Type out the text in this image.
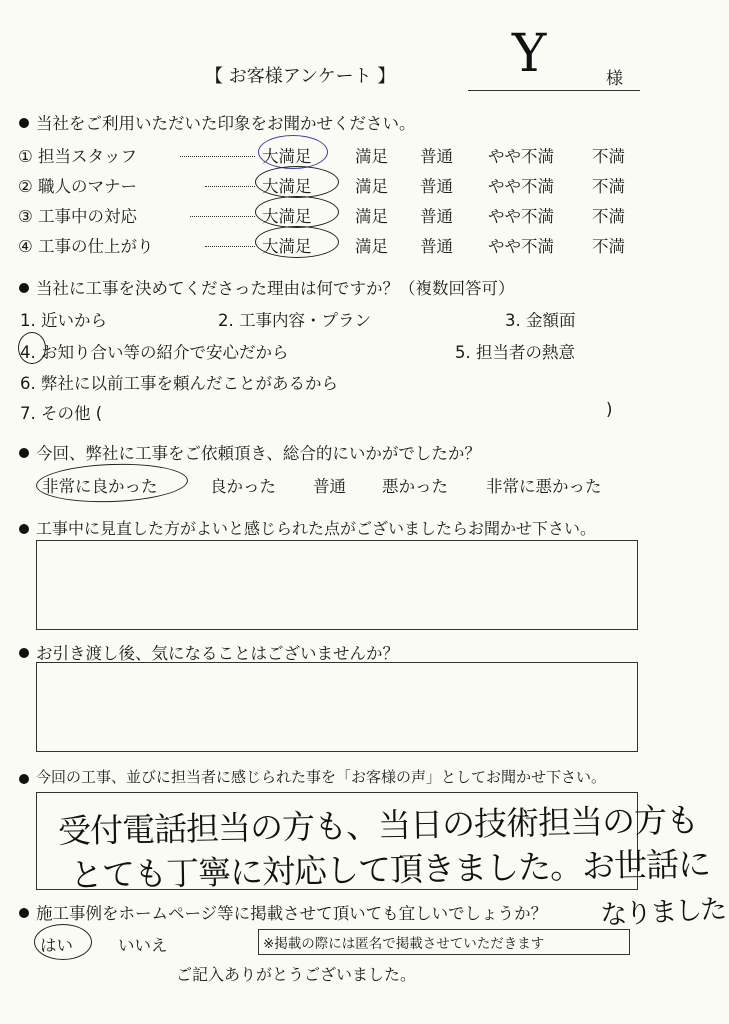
【 お客様アンケート 】 Y	様
当社をご利用いただいた印象をお聞かせください。
① 担当スタッフ	大満足	満足 普通 やや不満 不満
② 職人のマナー	大満足	満足 普通 やや不満 不満
③ 工事中の対応	大満足	満足 普通 やや不満 不満
④ 工事の仕上がり	大満足	満足 普通 やや不満 不満
当社に工事を決めてくださった理由は何ですか？（複数回答可）
1. 近いから	2. 工事内容・プラン	3. 金額面
4. お知り合い等の紹介で安心だから	5. 担当者の熱意
6. 弊社に以前工事を頼んだことがあるから
7. その他 (	)
今回、弊社に工事をご依頼頂き、総合的にいかがでしたか？
非常に良かった	良かった 普通 悪かった 非常に悪かった
工事中に見直した方がよいと感じられた点がございましたらお聞かせ下さい。
お引き渡し後、気になることはございませんか？
今回の工事、並びに担当者に感じられた事を「お客様の声」としてお聞かせ下さい。
受付電話担当の方も、当日の技術担当の方も
とても丁寧に対応して頂きました。お世話に
なりました
施工事例をホームページ等に掲載させて頂いても宜しいでしょうか？
はい	いいえ	※掲載の際には匿名で掲載させていただきます
ご記入ありがとうございました。
